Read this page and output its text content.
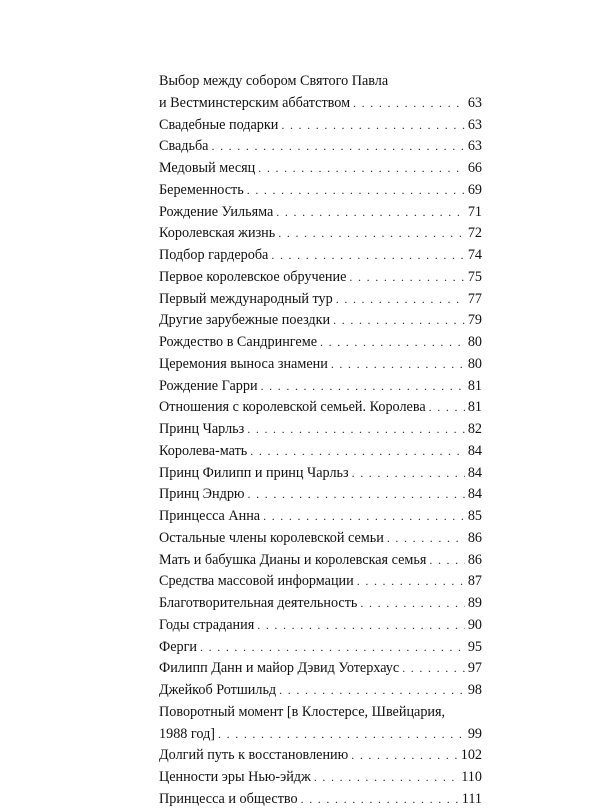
Выбор между собором Святого Павла
и Вестминстерским аббатством . . .	63
Свадебные подарки . . .	63
Свадьба . . .	63
Медовый месяц . . .	66
Беременность . . .	69
Рождение Уильяма . . .	71
Королевская жизнь . . .	72
Подбор гардероба . . .	74
Первое королевское обручение . . .	75
Первый международный тур . . .	77
Другие зарубежные поездки . . .	79
Рождество в Сандрингеме . . .	80
Церемония выноса знамени . . .	80
Рождение Гарри . . .	81
Отношения с королевской семьей. Королева . . .	81
Принц Чарльз . . .	82
Королева-мать . . .	84
Принц Филипп и принц Чарльз . . .	84
Принц Эндрю . . .	84
Принцесса Анна . . .	85
Остальные члены королевской семьи . . .	86
Мать и бабушка Дианы и королевская семья . . .	86
Средства массовой информации . . .	87
Благотворительная деятельность . . .	89
Годы страдания . . .	90
Ферги . . .	95
Филипп Данн и майор Дэвид Уотерхаус . . .	97
Джейкоб Ротшильд . . .	98
Поворотный момент [в Клостерсе, Швейцария,
1988 год] . . .	99
Долгий путь к восстановлению . . .	102
Ценности эры Нью-эйдж . . .	110
Принцесса и общество . . .	111
